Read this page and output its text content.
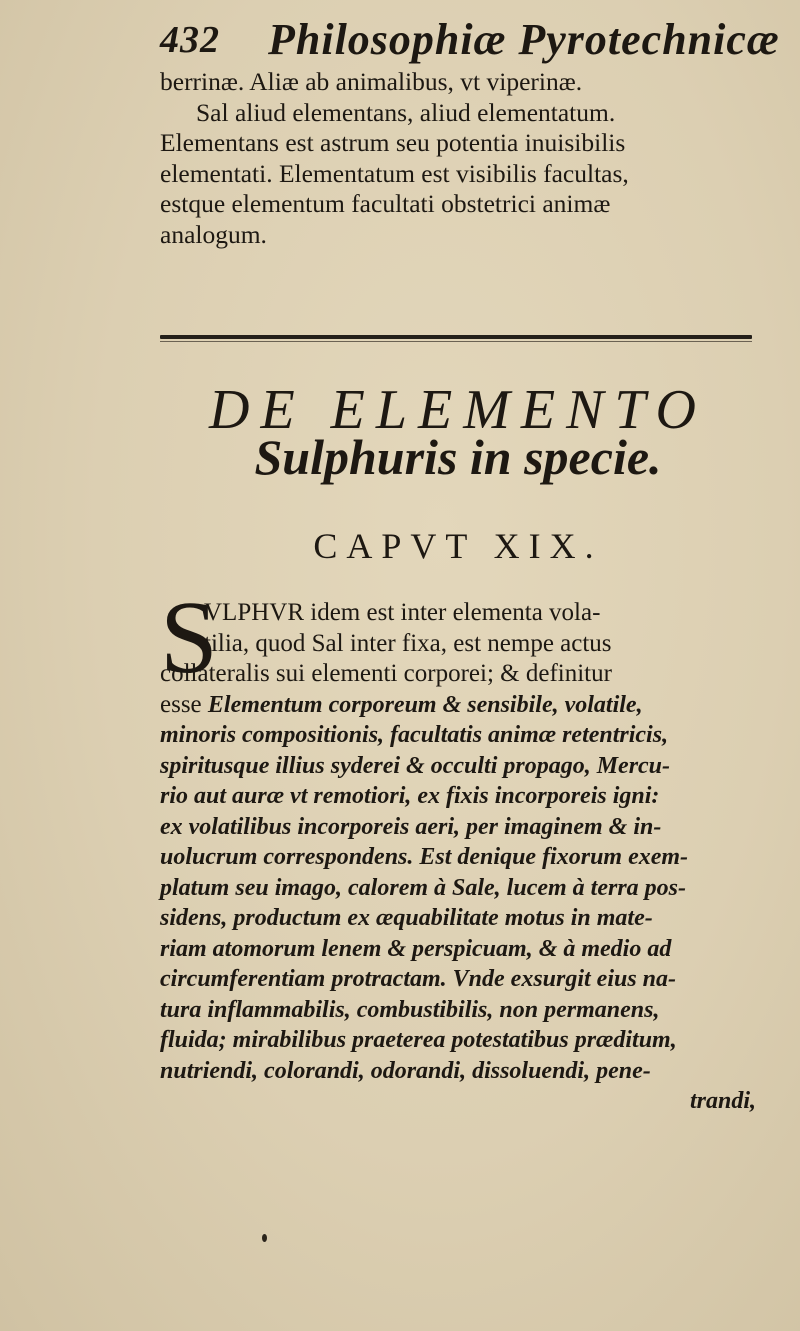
432 Philosophiæ Pyrotechnicæ
berrinæ. Aliæ ab animalibus, vt viperinæ.
Sal aliud elementans, aliud elementatum.
Elementans est astrum seu potentia inuisibilis
elementati. Elementatum est visibilis facultas,
estque elementum facultati obstetrici animæ
analogum.
DE ELEMENTO
Sulphuris in specie.
CAPVT XIX.
S
VLPHVR idem est inter elementa vola-
tilia, quod Sal inter fixa, est nempe actus
collateralis sui elementi corporei; & definitur
esse Elementum corporeum & sensibile, volatile,
minoris compositionis, facultatis animæ retentricis,
spiritusque illius syderei & occulti propago, Mercu-
rio aut auræ vt remotiori, ex fixis incorporeis igni:
ex volatilibus incorporeis aeri, per imaginem & in-
uolucrum correspondens. Est denique fixorum exem-
platum seu imago, calorem à Sale, lucem à terra pos-
sidens, productum ex æquabilitate motus in mate-
riam atomorum lenem & perspicuam, & à medio ad
circumferentiam protractam. Vnde exsurgit eius na-
tura inflammabilis, combustibilis, non permanens,
fluida; mirabilibus praeterea potestatibus præditum,
nutriendi, colorandi, odorandi, dissoluendi, pene-
trandi,
